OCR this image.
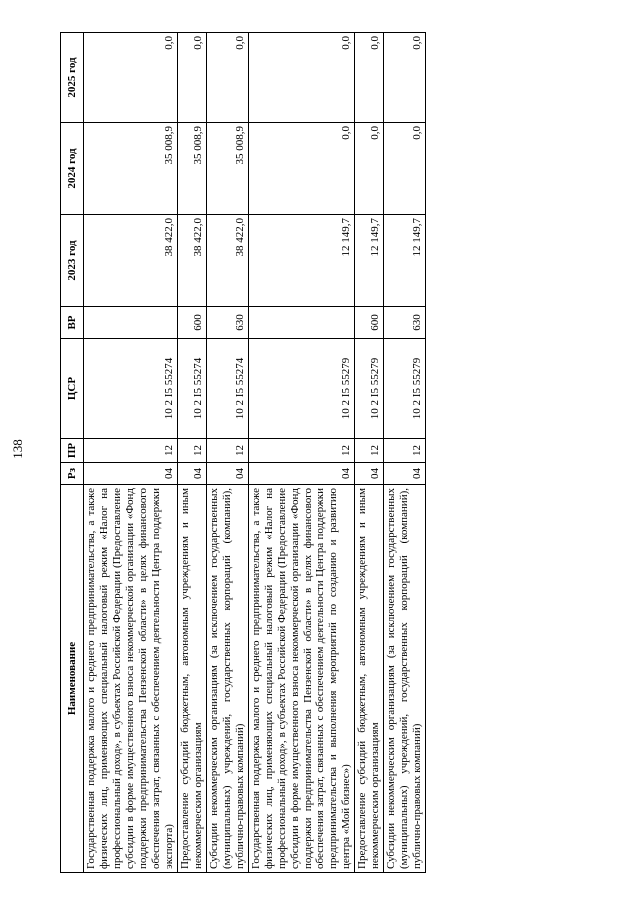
138
Наименование	Рз	ПР	ЦСР	ВР	2023 год	2024 год	2025 год
Государственная поддержка малого и среднего предпринимательства, а также физических лиц, применяющих специальный налоговый режим «Налог на профессиональный доход», в субъектах Российской Федерации (Предоставление субсидии в форме имущественного взноса некоммерческой организации «Фонд поддержки предпринимательства Пензенской области» в целях финансового обеспечения затрат, связанных с обеспечением деятельности Центра поддержки экспорта)	04	12	10 2 I5 55274		38 422,0	35 008,9	0,0
Предоставление субсидий бюджетным, автономным учреждениям и иным некоммерческим организациям	04	12	10 2 I5 55274	600	38 422,0	35 008,9	0,0
Субсидии некоммерческим организациям (за исключением государственных (муниципальных) учреждений, государственных корпораций (компаний), публично-правовых компаний)	04	12	10 2 I5 55274	630	38 422,0	35 008,9	0,0
Государственная поддержка малого и среднего предпринимательства, а также физических лиц, применяющих специальный налоговый режим «Налог на профессиональный доход», в субъектах Российской Федерации (Предоставление субсидии в форме имущественного взноса некоммерческой организации «Фонд поддержки предпринимательства Пензенской области» в целях финансового обеспечения затрат, связанных с обеспечением деятельности Центра поддержки предпринимательства и выполнения мероприятий по созданию и развитию центра «Мой бизнес»)	04	12	10 2 I5 55279		12 149,7	0,0	0,0
Предоставление субсидий бюджетным, автономным учреждениям и иным некоммерческим организациям	04	12	10 2 I5 55279	600	12 149,7	0,0	0,0
Субсидии некоммерческим организациям (за исключением государственных (муниципальных) учреждений, государственных корпораций (компаний), публично-правовых компаний)	04	12	10 2 I5 55279	630	12 149,7	0,0	0,0
